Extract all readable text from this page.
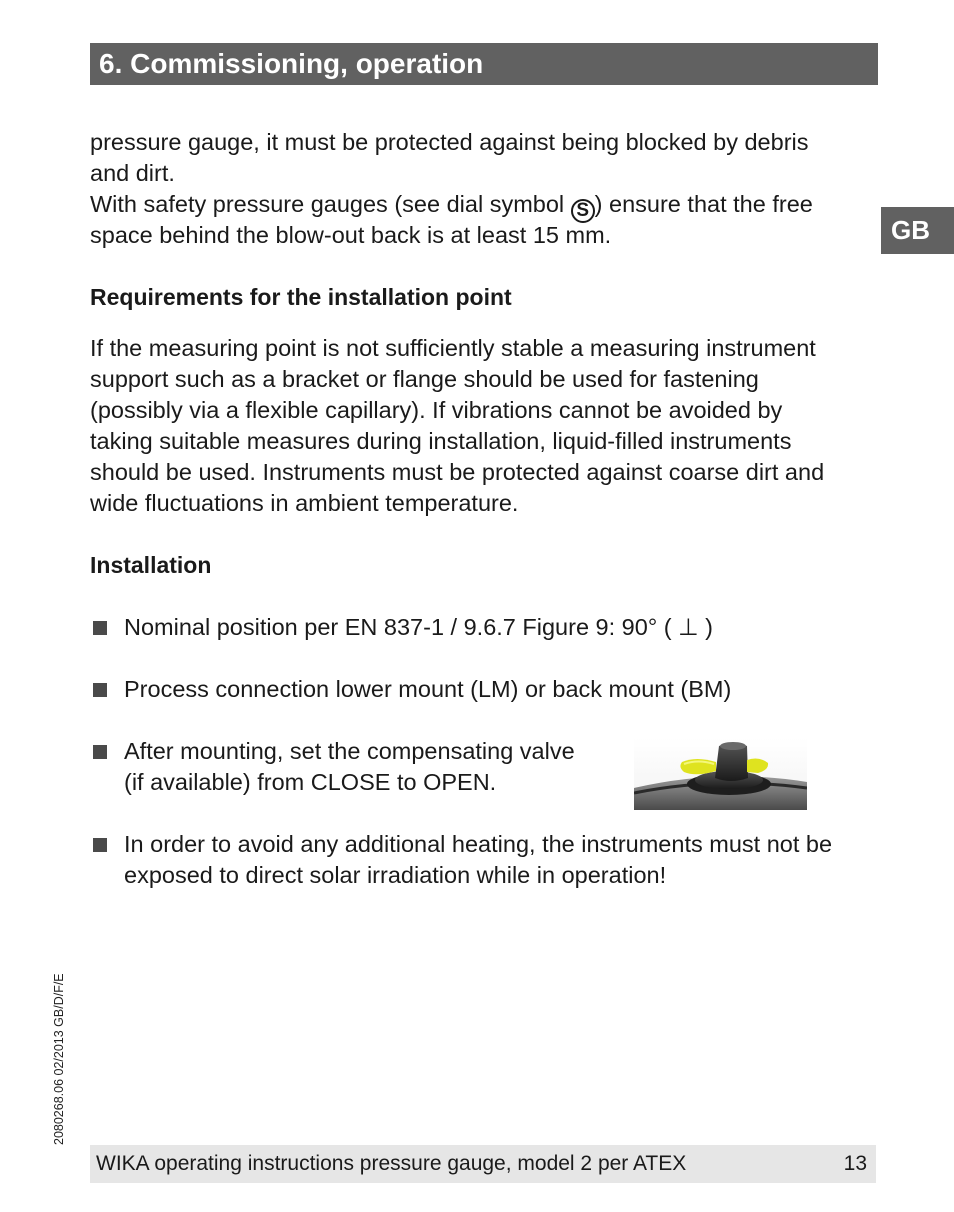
6. Commissioning, operation
GB

pressure gauge, it must be protected against being blocked by debris

and dirt.

With safety pressure gauges (see dial symbol S ) ensure that the free

space behind the blow-out back is at least 15 mm.

Requirements for the installation point

If the measuring point is not sufficiently stable a measuring instrument

support such as a bracket or flange should be used for fastening

(possibly via a flexible capillary). If vibrations cannot be avoided by

taking suitable measures during installation, liquid-filled instruments

should be used. Instruments must be protected against coarse dirt and

wide fluctuations in ambient temperature.

Installation

Nominal position per EN 837-1 / 9.6.7 Figure 9: 90° ( ⊥ )

Process connection lower mount (LM) or back mount (BM)

After mounting, set the compensating valve

(if available) from CLOSE to OPEN.

In order to avoid any additional heating, the instruments must not be

exposed to direct solar irradiation while in operation!

2080268.06 02/2013 GB/D/F/E
WIKA operating instructions pressure gauge, model 2 per ATEX	13
